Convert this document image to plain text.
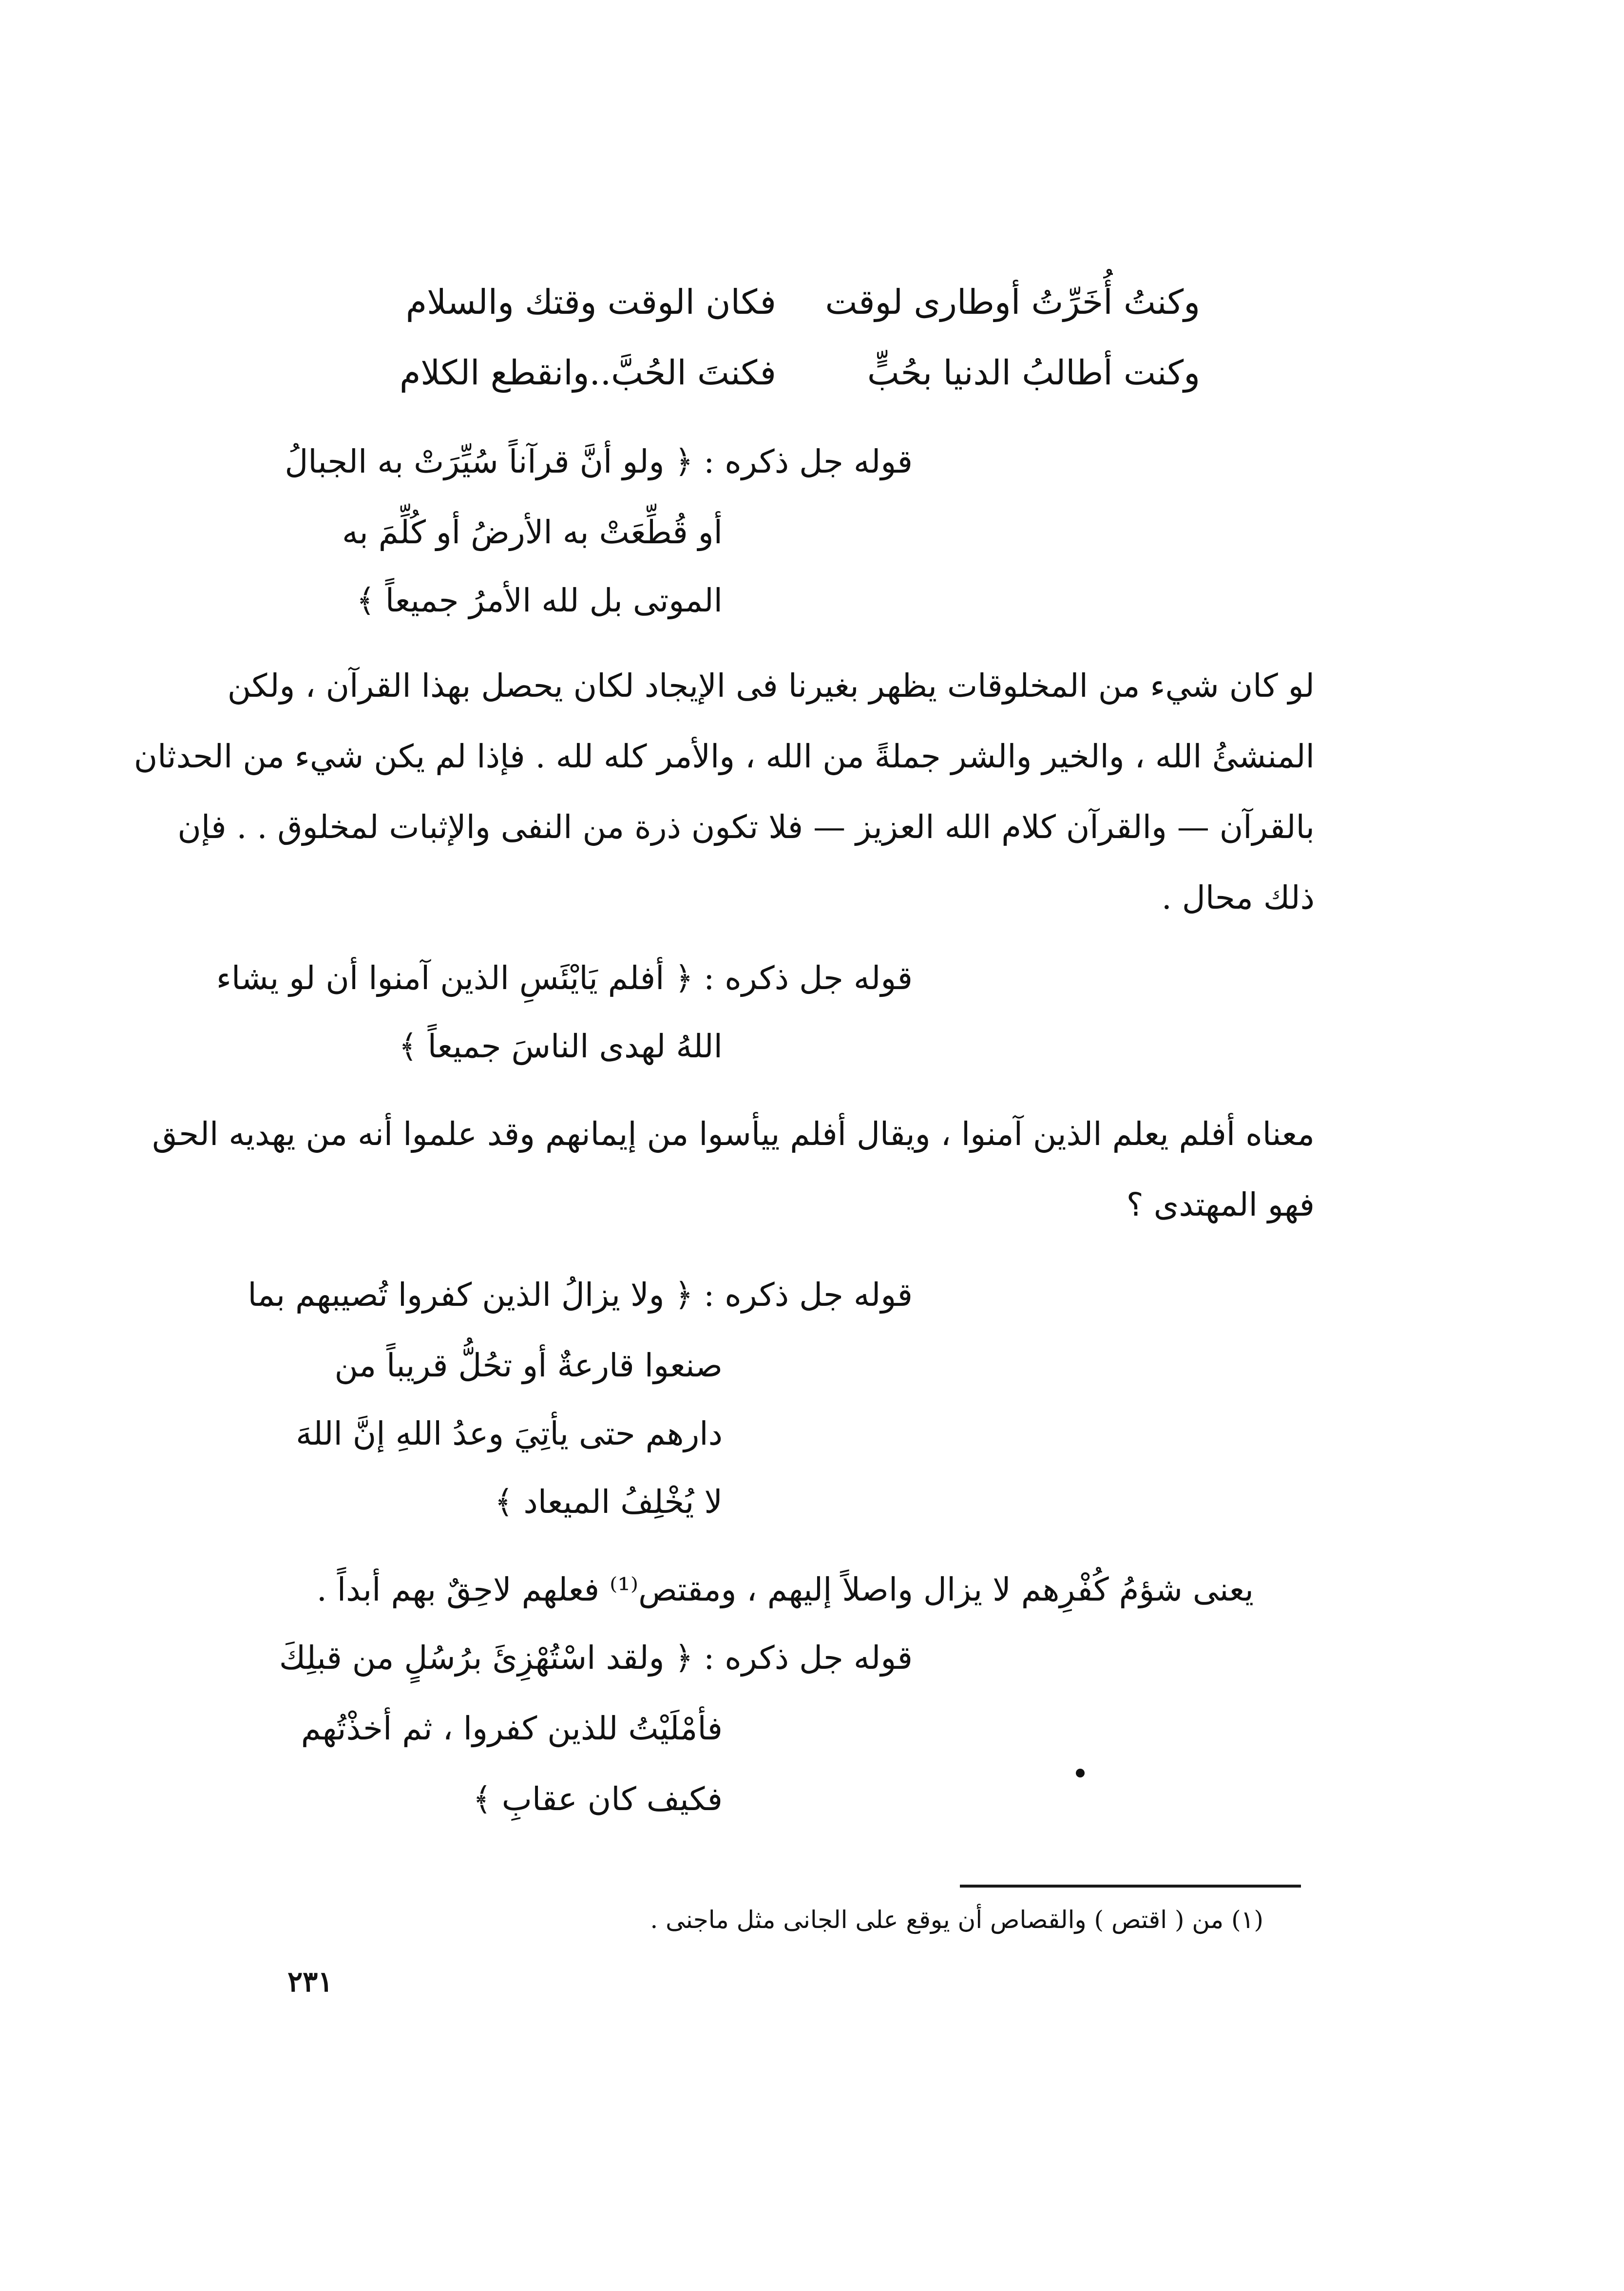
وكنتُ أُخَرِّتُ أوطارى لوقت
فكان الوقت وقتك والسلام
وكنت أطالبُ الدنيا بحُبٍّ
فكنتَ الحُبَّ..وانقطع الكلام
قوله جل ذكره : ﴿ ولو أنَّ قرآناً سُيِّرَتْ به الجبالُ
أو قُطِّعَتْ به الأرضُ أو كُلِّمَ به
الموتى بل لله الأمرُ جميعاً ﴾
لو كان شيء من المخلوقات يظهر بغيرنا فى الإيجاد لكان يحصل بهذا القرآن ، ولكن
المنشئُ الله ، والخير والشر جملةً من الله ، والأمر كله لله . فإذا لم يكن شيء من الحدثان
بالقرآن — والقرآن كلام الله العزيز — فلا تكون ذرة من النفى والإثبات لمخلوق . . فإن
ذلك محال .
قوله جل ذكره : ﴿ أفلم يَايْئَسِ الذين آمنوا أن لو يشاء
اللهُ لهدى الناسَ جميعاً ﴾
معناه أفلم يعلم الذين آمنوا ، ويقال أفلم ييأسوا من إيمانهم وقد علموا أنه من يهديه الحق
فهو المهتدى ؟
قوله جل ذكره : ﴿ ولا يزالُ الذين كفروا تُصيبهم بما
صنعوا قارعةٌ أو تحُلُّ قريباً من
دارهم حتى يأتِيَ وعدُ اللهِ إنَّ اللهَ
لا يُخْلِفُ الميعاد ﴾
يعنى شؤمُ كُفْرِهم لا يزال واصلاً إليهم ، ومقتص⁽¹⁾ فعلهم لاحِقٌ بهم أبداً .
قوله جل ذكره : ﴿ ولقد اسْتُهْزِئَ برُسُلٍ من قبلِكَ
فأمْلَيْتُ للذين كفروا ، ثم أخذْتُهم
فكيف كان عقابِ ﴾
(١) من ( اقتص ) والقصاص أن يوقع على الجانى مثل ماجنى .
٢٣١
